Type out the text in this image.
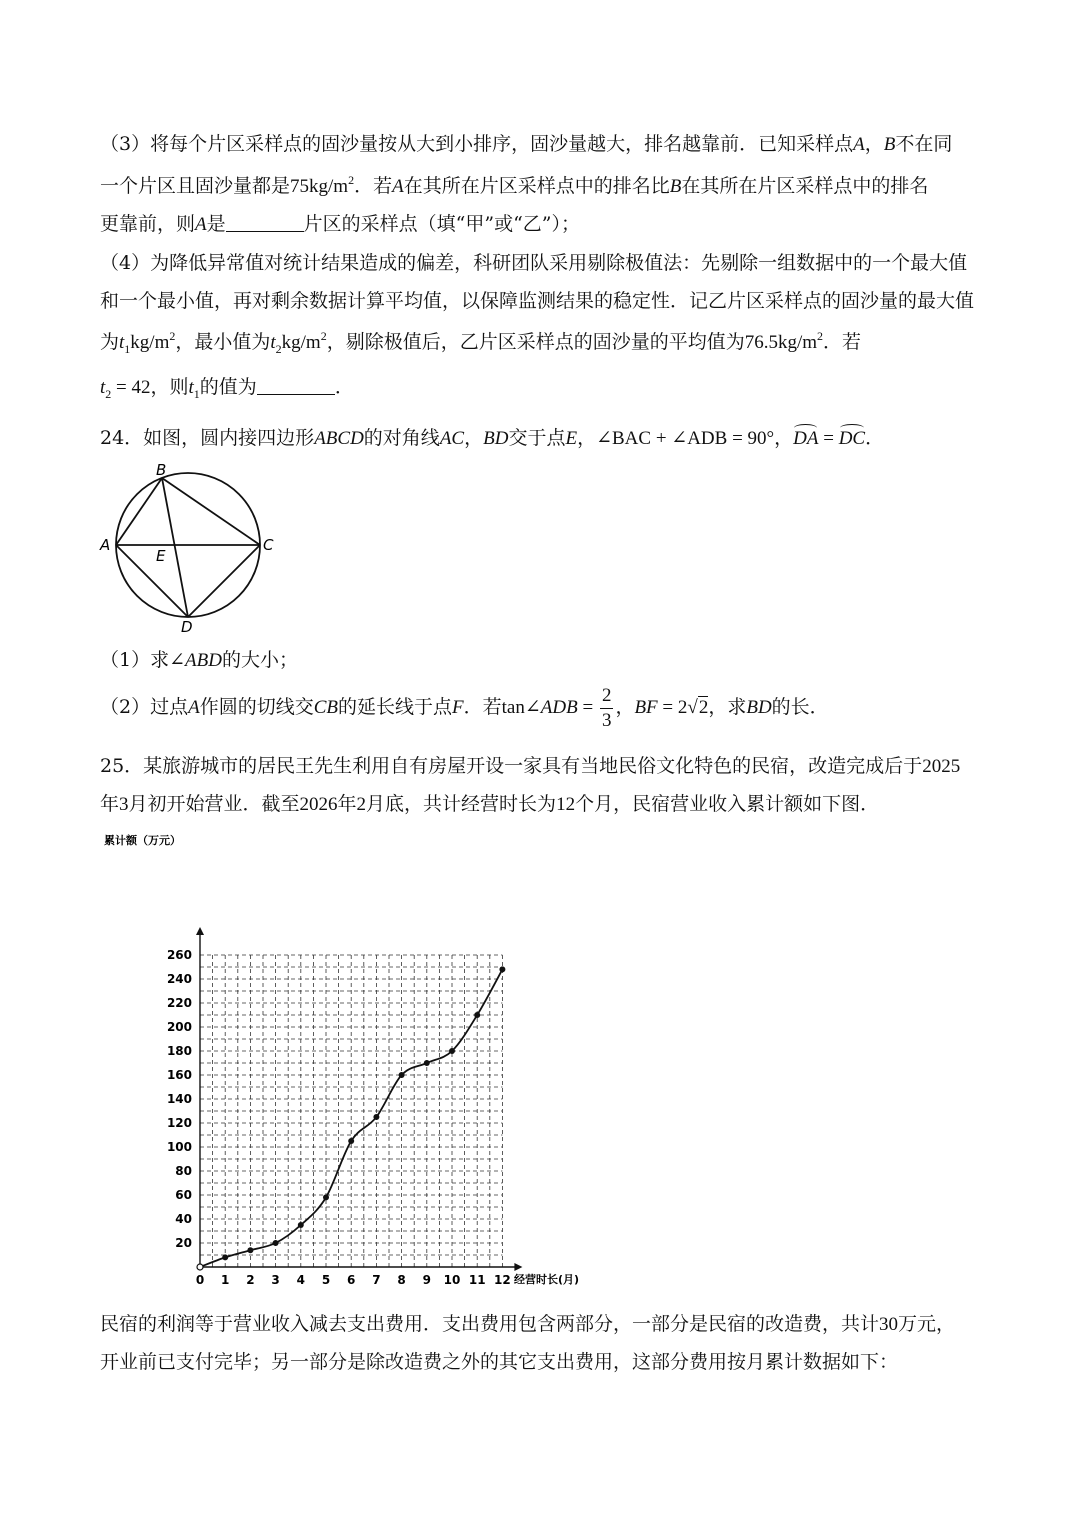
（3）将每个片区采样点的固沙量按从大到小排序，固沙量越大，排名越靠前．已知采样点A，B不在同
一个片区且固沙量都是$75kg/m^2$．若A在其所在片区采样点中的排名比B在其所在片区采样点中的排名
更靠前，则A是	片区的采样点（填“甲”或“乙”）；
（4）为降低异常值对统计结果造成的偏差，科研团队采用剔除极值法：先剔除一组数据中的一个最大值
和一个最小值，再对剩余数据计算平均值，以保障监测结果的稳定性．记乙片区采样点的固沙量的最大值
为$t_1kg/m^2$，最小值为$t_2kg/m^2$，剔除极值后，乙片区采样点的固沙量的平均值为$76.5kg/m^2$．若
$t_2 = 42$，则$t_1$的值为	．
24．如图，圆内接四边形ABCD的对角线AC，BD交于点E，∠BAC + ∠ADB = 90°，DA = DC．
B
A	C
E
D
（1）求∠ABD的大小；
（2）过点A作圆的切线交CB的延长线于点F．若tan∠ADB = $\frac{2}{3}$ ，BF = 2√2，求BD的长．
25．某旅游城市的居民王先生利用自有房屋开设一家具有当地民俗文化特色的民宿，改造完成后于2025
年3月初开始营业．截至2026年2月底，共计经营时长为12个月，民宿营业收入累计额如下图．
0 1 2 3 4 5 6 7 8 9 10 11 12
20
40
60
80
100
120
140
160
180
200
220
240
260
累计额（万元）
经营时长(月)
民宿的利润等于营业收入减去支出费用．支出费用包含两部分，一部分是民宿的改造费，共计30万元，
开业前已支付完毕；另一部分是除改造费之外的其它支出费用，这部分费用按月累计数据如下：
